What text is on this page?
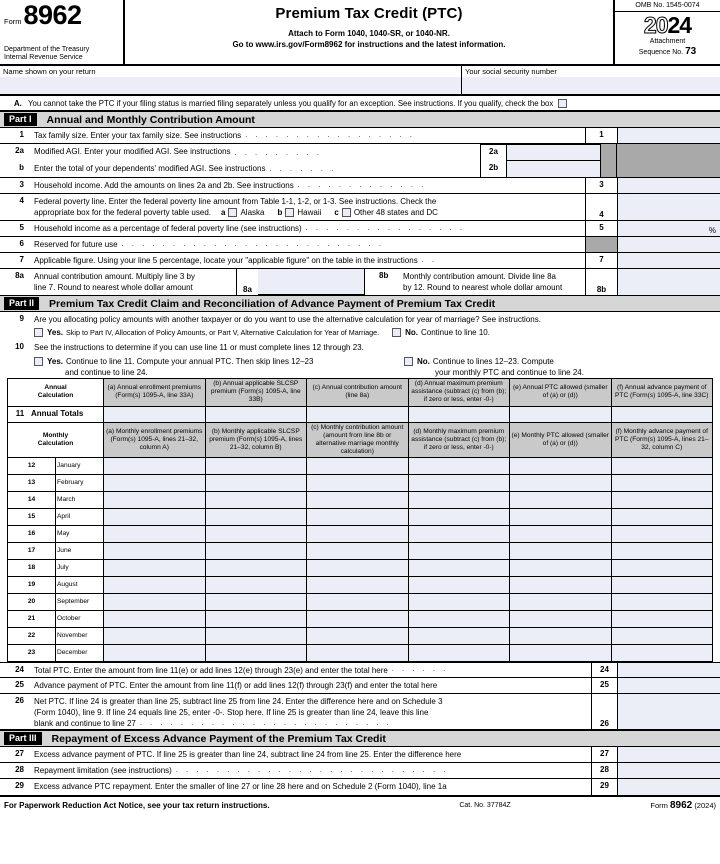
Form 8962
Department of the Treasury
Internal Revenue Service
Premium Tax Credit (PTC)
Attach to Form 1040, 1040-SR, or 1040-NR.
Go to www.irs.gov/Form8962 for instructions and the latest information.
OMB No. 1545-0074
2024
Attachment
Sequence No. 73
Name shown on your return	Your social security number
A. You cannot take the PTC if your filing status is married filing separately unless you qualify for an exception. See instructions. If you qualify, check the box
Part I	Annual and Monthly Contribution Amount
1	Tax family size. Enter your tax family size. See instructions . . . . . . . . . . . . . . . . .	1
2a	Modified AGI. Enter your modified AGI. See instructions . . . . . . . . .	2a
b	Enter the total of your dependents' modified AGI. See instructions . . . . . . .	2b
3	Household income. Add the amounts on lines 2a and 2b. See instructions . . . . . . . . . . . . .	3
4	Federal poverty line. Enter the federal poverty line amount from Table 1-1, 1-2, or 1-3. See instructions. Check the
appropriate box for the federal poverty table used. a Alaska b Hawaii c Other 48 states and DC	4
5	Household income as a percentage of federal poverty line (see instructions) . . . . . . . . . . . . . . . .	5	%
6	Reserved for future use . . . . . . . . . . . . . . . . . . . . . . . . . .
7	Applicable figure. Using your line 5 percentage, locate your "applicable figure" on the table in the instructions . .	7
8a	Annual contribution amount. Multiply line 3 by
line 7. Round to nearest whole dollar amount	8a
8b	Monthly contribution amount. Divide line 8a
by 12. Round to nearest whole dollar amount	8b
Part II	Premium Tax Credit Claim and Reconciliation of Advance Payment of Premium Tax Credit
9	Are you allocating policy amounts with another taxpayer or do you want to use the alternative calculation for year of marriage? See instructions.
Yes. Skip to Part IV, Allocation of Policy Amounts, or Part V, Alternative Calculation for Year of Marriage.	No. Continue to line 10.
10	See the instructions to determine if you can use line 11 or must complete lines 12 through 23.
Yes. Continue to line 11. Compute your annual PTC. Then skip lines 12–23
and continue to line 24.
No. Continue to lines 12–23. Compute
your monthly PTC and continue to line 24.
Annual
Calculation		(a) Annual enrollment premiums (Form(s) 1095-A, line 33A)	(b) Annual applicable SLCSP premium (Form(s) 1095-A, line 33B)	(c) Annual contribution amount (line 8a)	(d) Annual maximum premium assistance (subtract (c) from (b); if zero or less, enter -0-)	(e) Annual PTC allowed (smaller of (a) or (d))	(f) Annual advance payment of PTC (Form(s) 1095-A, line 33C)
11 Annual Totals							

Monthly
Calculation		(a) Monthly enrollment premiums (Form(s) 1095-A, lines 21–32, column A)	(b) Monthly applicable SLCSP premium (Form(s) 1095-A, lines 21–32, column B)	(c) Monthly contribution amount (amount from line 8b or alternative marriage monthly calculation)	(d) Monthly maximum premium assistance (subtract (c) from (b); if zero or less, enter -0-)	(e) Monthly PTC allowed (smaller of (a) or (d))	(f) Monthly advance payment of PTC (Form(s) 1095-A, lines 21–32, column C)
12	January						
13	February						
14	March						
15	April						
16	May						
17	June						
18	July						
19	August						
20	September						
21	October						
22	November						
23	December						
24	Total PTC. Enter the amount from line 11(e) or add lines 12(e) through 23(e) and enter the total here . . . . . .	24
25	Advance payment of PTC. Enter the amount from line 11(f) or add lines 12(f) through 23(f) and enter the total here	25
26	Net PTC. If line 24 is greater than line 25, subtract line 25 from line 24. Enter the difference here and on Schedule 3
(Form 1040), line 9. If line 24 equals line 25, enter -0-. Stop here. If line 25 is greater than line 24, leave this line
blank and continue to line 27 . . . . . . . . . . . . . . . . . . . . . . . . .	26
Part III	Repayment of Excess Advance Payment of the Premium Tax Credit
27	Excess advance payment of PTC. If line 25 is greater than line 24, subtract line 24 from line 25. Enter the difference here	27
28	Repayment limitation (see instructions) . . . . . . . . . . . . . . . . . . . . . . . . . . .	28
29	Excess advance PTC repayment. Enter the smaller of line 27 or line 28 here and on Schedule 2 (Form 1040), line 1a	29
For Paperwork Reduction Act Notice, see your tax return instructions.	Cat. No. 37784Z	Form 8962 (2024)
